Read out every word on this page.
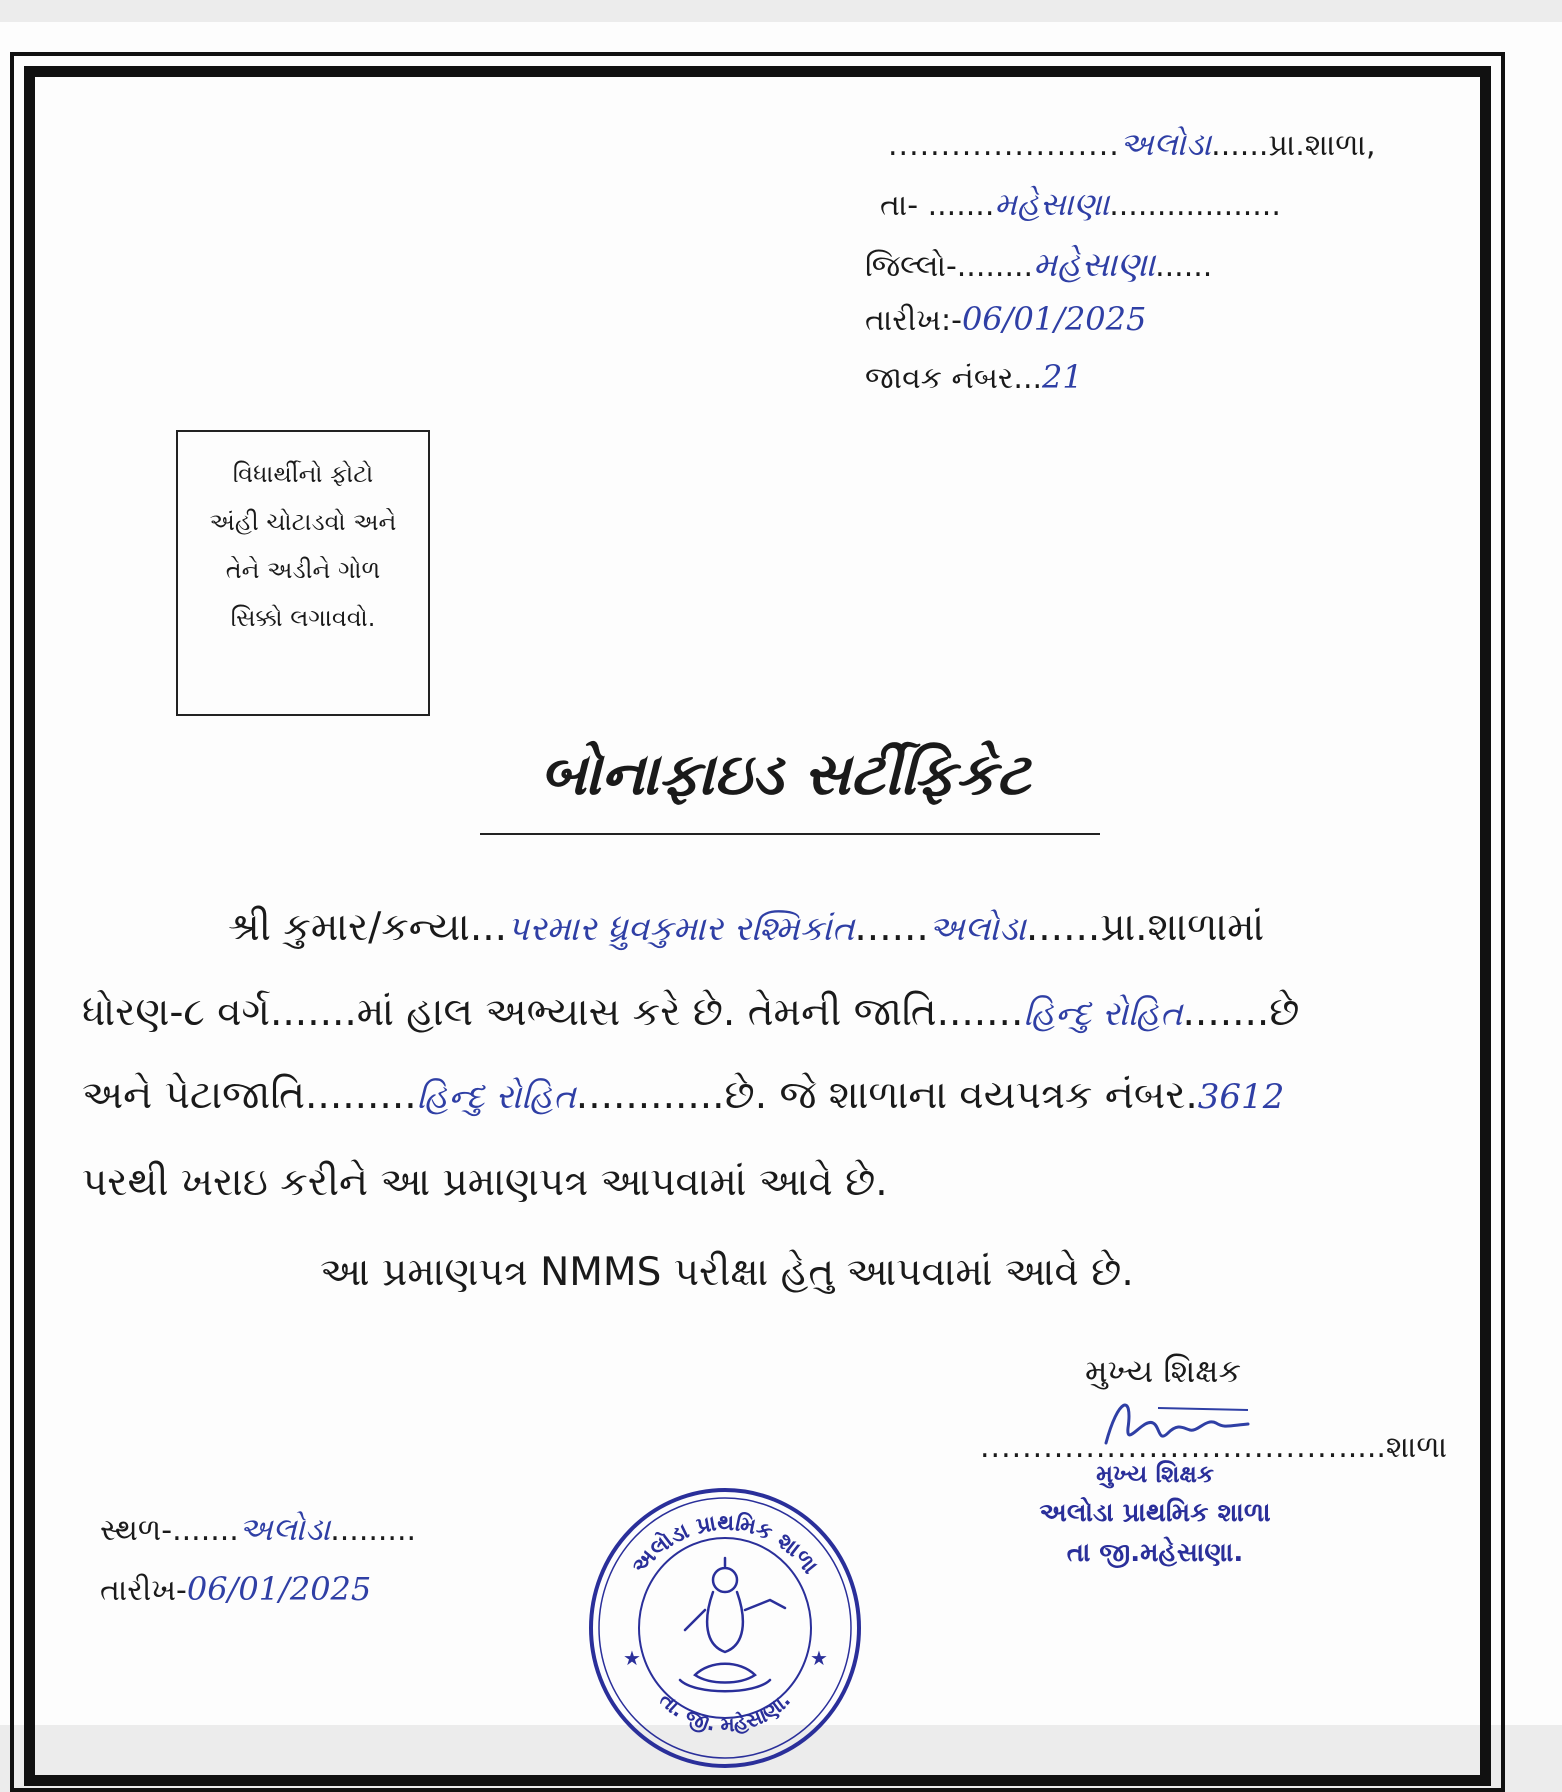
......................અલોડા......પ્રા.શાળા,
તા- .......મહેસાણા..................
જિલ્લો-........મહેસાણા......
તારીખ:-06/01/2025
જાવક નંબર...21
વિધાર્થીનો ફોટો
અંહી ચોટાડવો અને
તેને અડીને ગોળ
સિક્કો લગાવવો.
બોનાફાઇડ સર્ટીફિકેટ
શ્રી કુમાર/કન્યા...પરમાર ધ્રુવકુમાર રશ્મિકાંત......અલોડા......પ્રા.શાળામાં
ધોરણ-૮ વર્ગ.......માં હાલ અભ્યાસ કરે છે. તેમની જાતિ.......હિન્દુ રોહિત.......છે
અને પેટાજાતિ.........હિન્દુ રોહિત............છે. જે શાળાના વયપત્રક નંબર.3612
પરથી ખરાઇ કરીને આ પ્રમાણપત્ર આપવામાં આવે છે.
આ પ્રમાણપત્ર NMMS પરીક્ષા હેતુ આપવામાં આવે છે.
મુખ્ય શિક્ષક
.......................................શાળા
મુખ્ય શિક્ષક
અલોડા પ્રાથમિક શાળા
તા જી.મહેસાણા.
અલોડા પ્રાથમિક શાળા
તા. જી. મહેસાણા.
★	★
સ્થળ-.......અલોડા.........
તારીખ-06/01/2025
